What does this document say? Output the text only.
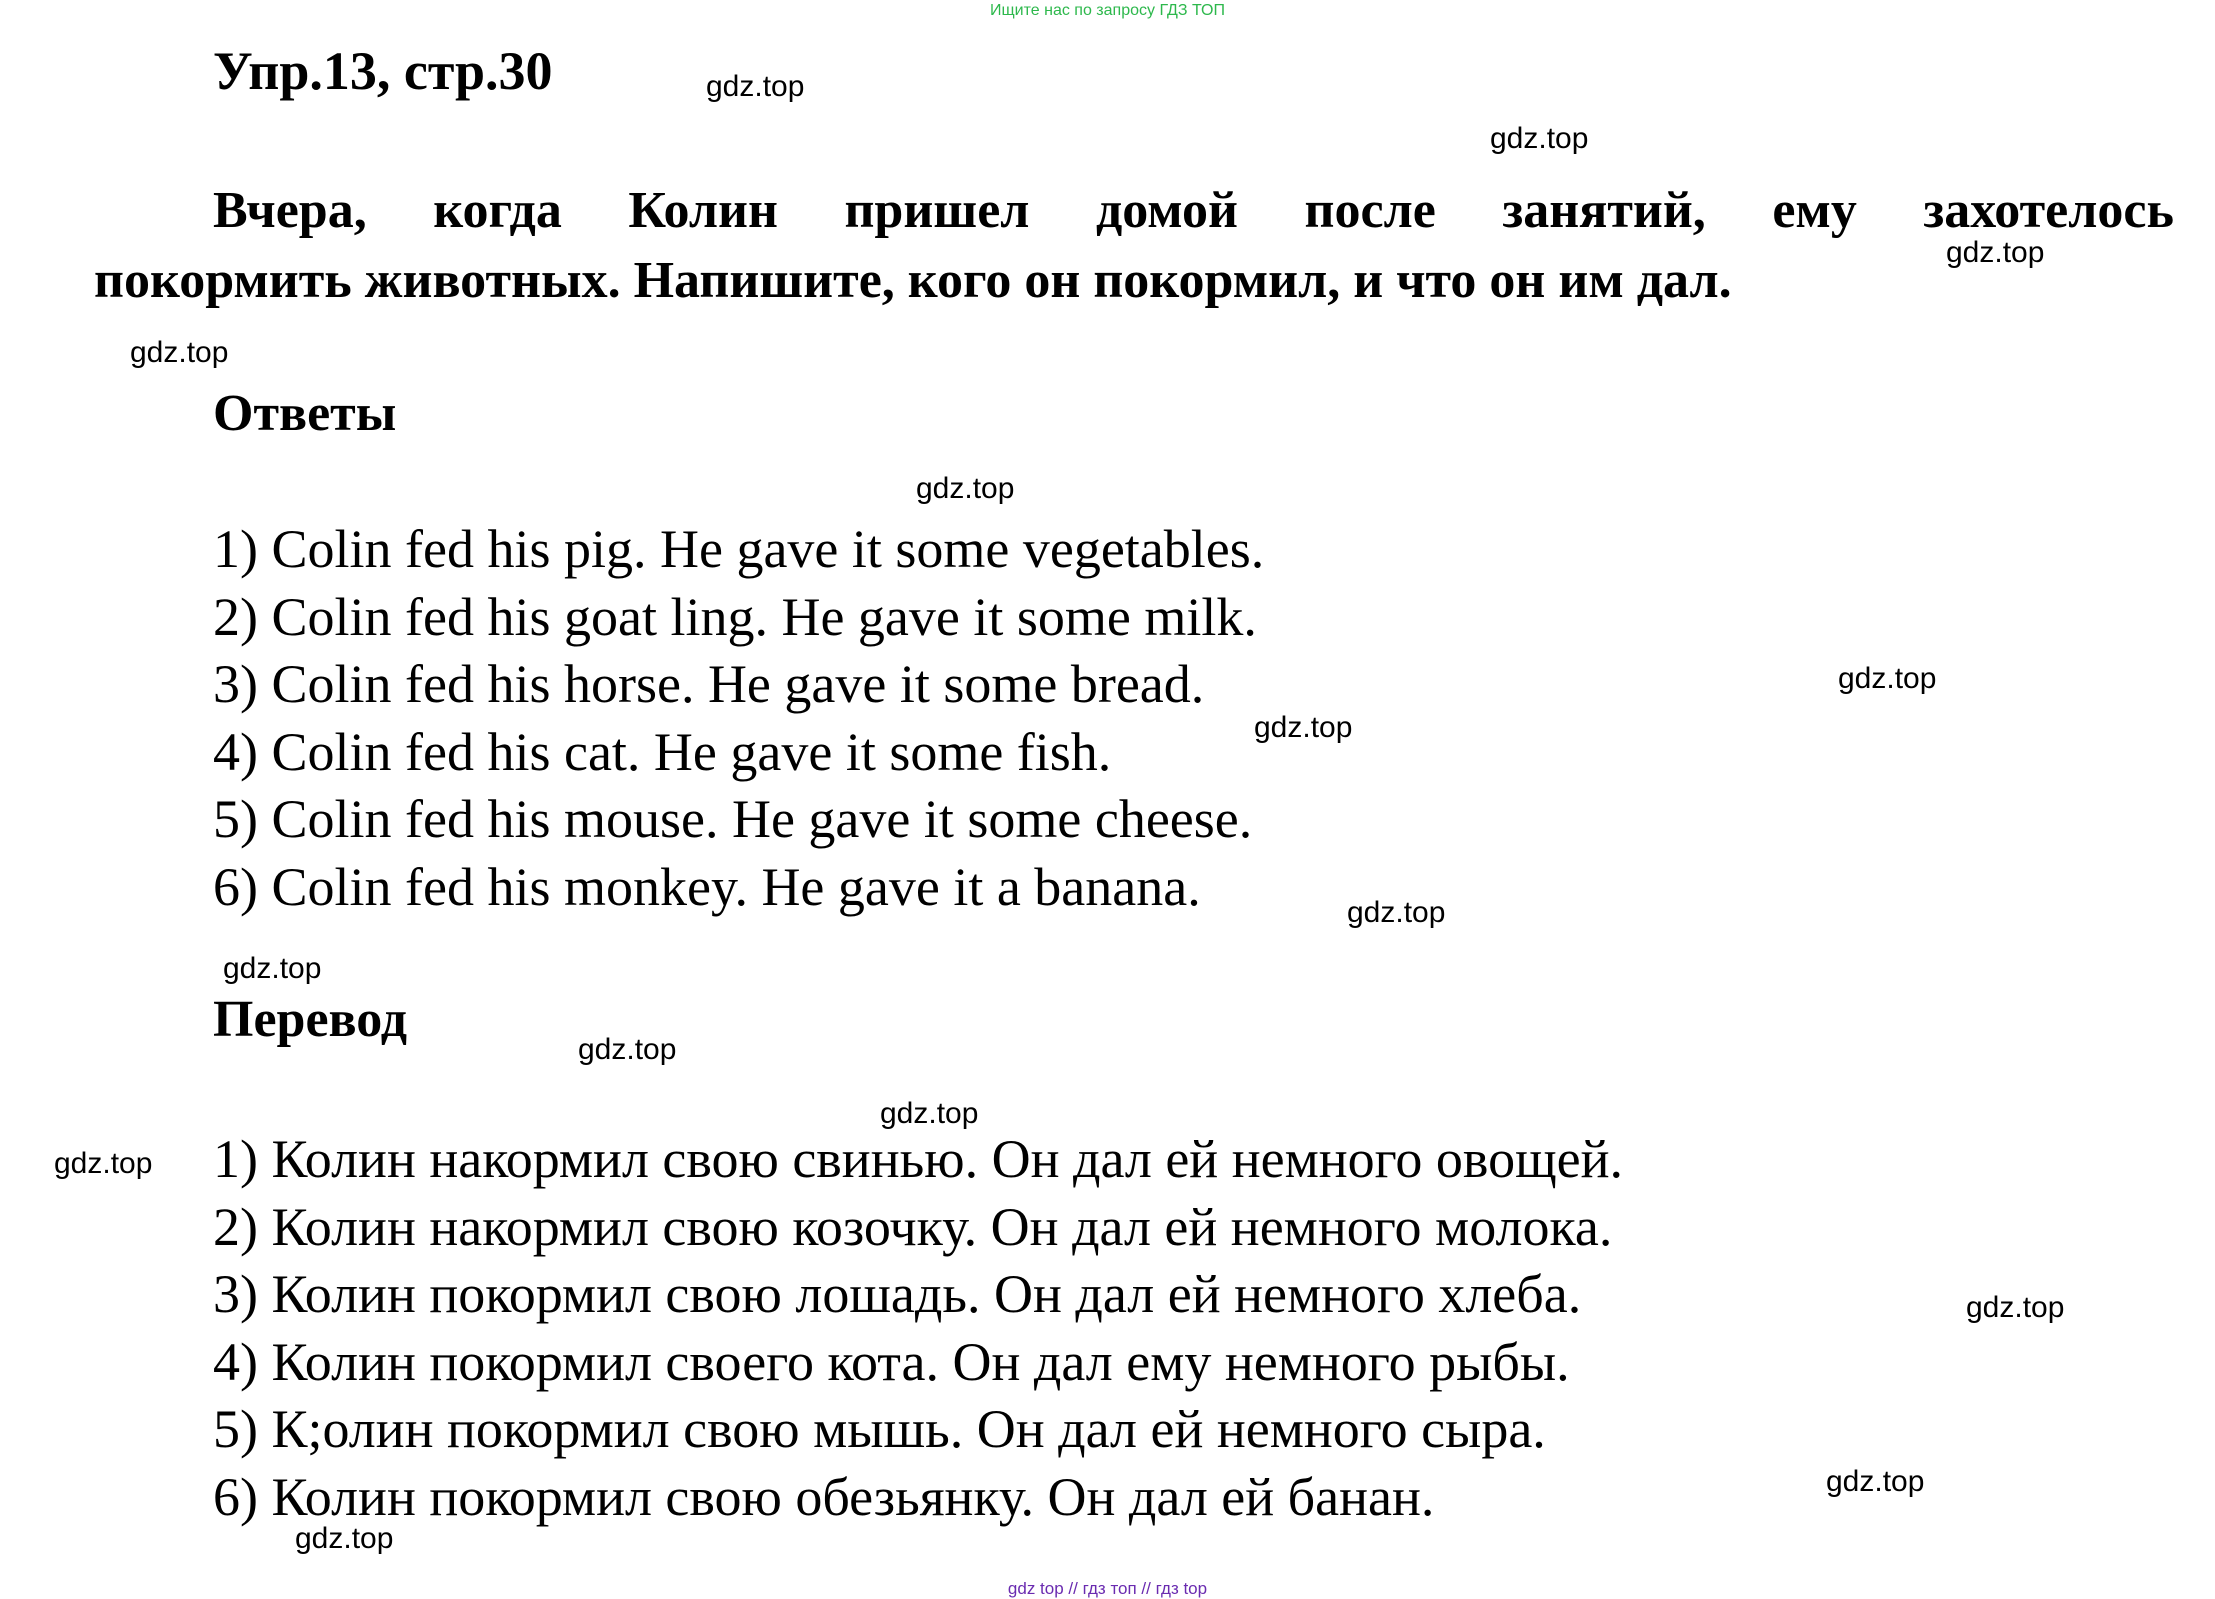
Ищите нас по запросу ГДЗ ТОП
Упр.13, стр.30
Вчера, когда Колин пришел домой после занятий, ему захотелось
покормить животных. Напишите, кого он покормил, и что он им дал.
Ответы
1) Colin fed his pig. He gave it some vegetables.
2) Colin fed his goat ling. He gave it some milk.
3) Colin fed his horse. He gave it some bread.
4) Colin fed his cat. He gave it some fish.
5) Colin fed his mouse. He gave it some cheese.
6) Colin fed his monkey. He gave it a banana.
Перевод
1) Колин накормил свою свинью. Он дал ей немного овощей.
2) Колин накормил свою козочку. Он дал ей немного молока.
3) Колин покормил свою лошадь. Он дал ей немного хлеба.
4) Колин покормил своего кота. Он дал ему немного рыбы.
5) К;олин покормил свою мышь. Он дал ей немного сыра.
6) Колин покормил свою обезьянку. Он дал ей банан.
gdz.top
gdz.top
gdz.top
gdz.top
gdz.top
gdz.top
gdz.top
gdz.top
gdz.top
gdz.top
gdz.top
gdz.top
gdz.top
gdz.top
gdz.top
gdz top // гдз топ // гдз top
